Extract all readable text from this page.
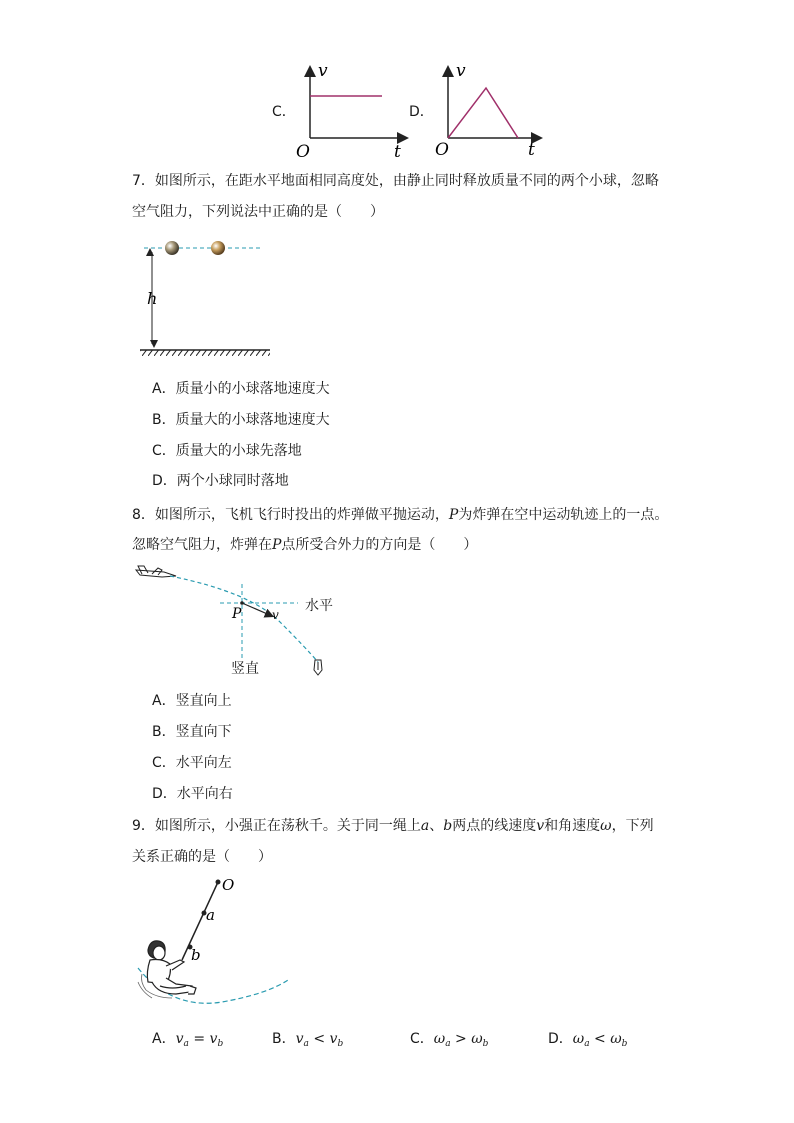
C．
v
t
O
D．
v
t
O
7．如图所示，在距水平地面相同高度处，由静止同时释放质量不同的两个小球，忽略
空气阻力，下列说法中正确的是（　　）
h
A．质量小的小球落地速度大
B．质量大的小球落地速度大
C．质量大的小球先落地
D．两个小球同时落地
8．如图所示，飞机飞行时投出的炸弹做平抛运动，P为炸弹在空中运动轨迹上的一点。
忽略空气阻力，炸弹在P点所受合外力的方向是（　　）
P	v
水平
竖直
A．竖直向上
B．竖直向下
C．水平向左
D．水平向右
9．如图所示，小强正在荡秋千。关于同一绳上a、b两点的线速度v和角速度ω，下列
关系正确的是（　　）
O
a
b
A．$v_a = v_b$	B．$v_a < v_b$	C．$\omega_a > \omega_b$	D．$\omega_a < \omega_b$
